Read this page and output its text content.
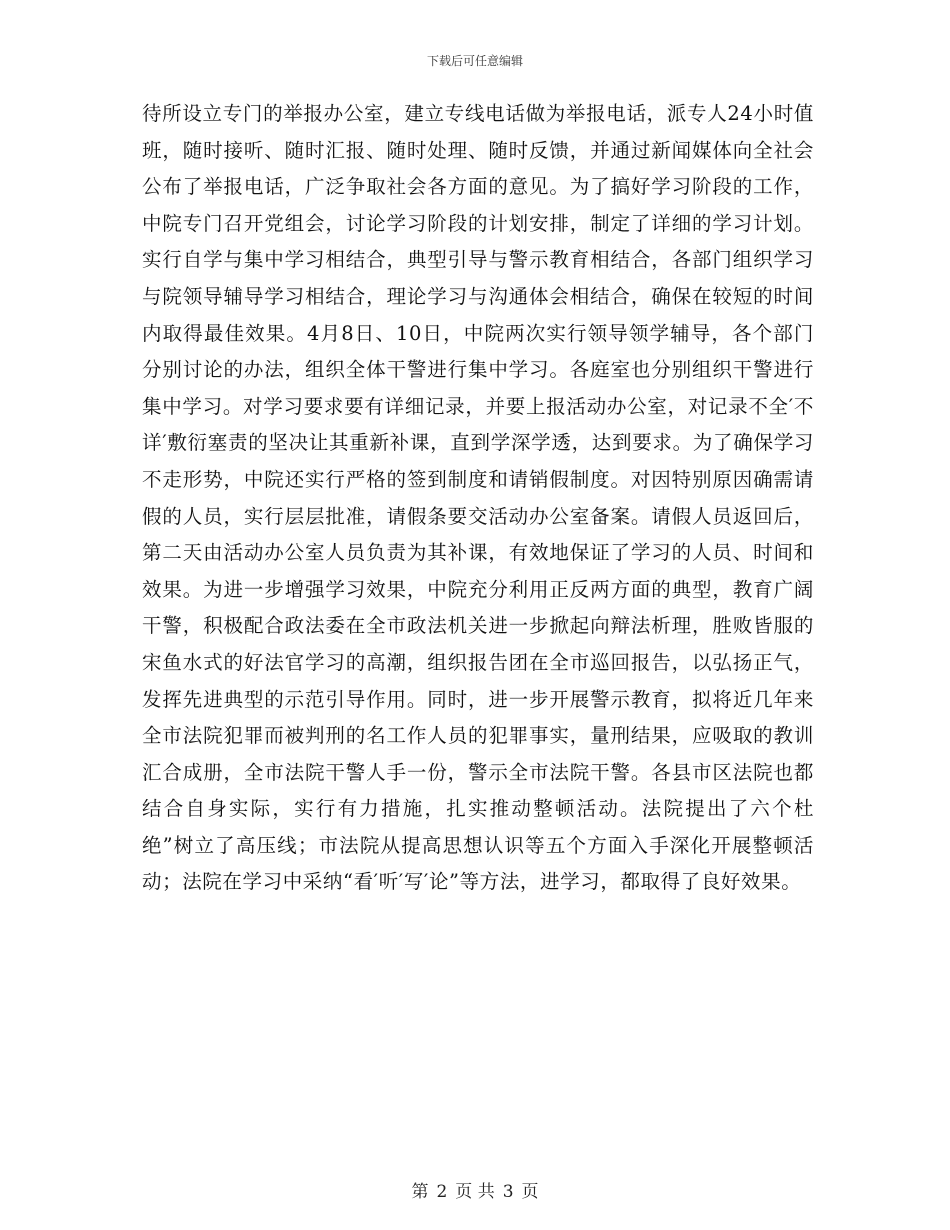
下载后可任意编辑

待所设立专门的举报办公室，建立专线电话做为举报电话，派专人24小时值班，随时接听、随时汇报、随时处理、随时反馈，并通过新闻媒体向全社会公布了举报电话，广泛争取社会各方面的意见。为了搞好学习阶段的工作，中院专门召开党组会，讨论学习阶段的计划安排，制定了详细的学习计划。实行自学与集中学习相结合，典型引导与警示教育相结合，各部门组织学习与院领导辅导学习相结合，理论学习与沟通体会相结合，确保在较短的时间内取得最佳效果。4月8日、10日，中院两次实行领导领学辅导，各个部门分别讨论的办法，组织全体干警进行集中学习。各庭室也分别组织干警进行集中学习。对学习要求要有详细记录，并要上报活动办公室，对记录不全′不详′敷衍塞责的坚决让其重新补课，直到学深学透，达到要求。为了确保学习不走形势，中院还实行严格的签到制度和请销假制度。对因特别原因确需请假的人员，实行层层批准，请假条要交活动办公室备案。请假人员返回后，第二天由活动办公室人员负责为其补课，有效地保证了学习的人员、时间和效果。为进一步增强学习效果，中院充分利用正反两方面的典型，教育广阔干警，积极配合政法委在全市政法机关进一步掀起向辩法析理，胜败皆服的宋鱼水式的好法官学习的高潮，组织报告团在全市巡回报告，以弘扬正气，发挥先进典型的示范引导作用。同时，进一步开展警示教育，拟将近几年来全市法院犯罪而被判刑的名工作人员的犯罪事实，量刑结果，应吸取的教训汇合成册，全市法院干警人手一份，警示全市法院干警。各县市区法院也都结合自身实际，实行有力措施，扎实推动整顿活动。法院提出了六个杜绝”树立了高压线；市法院从提高思想认识等五个方面入手深化开展整顿活动；法院在学习中采纳“看′听′写′论”等方法，进学习，都取得了良好效果。

第 2 页 共 3 页
